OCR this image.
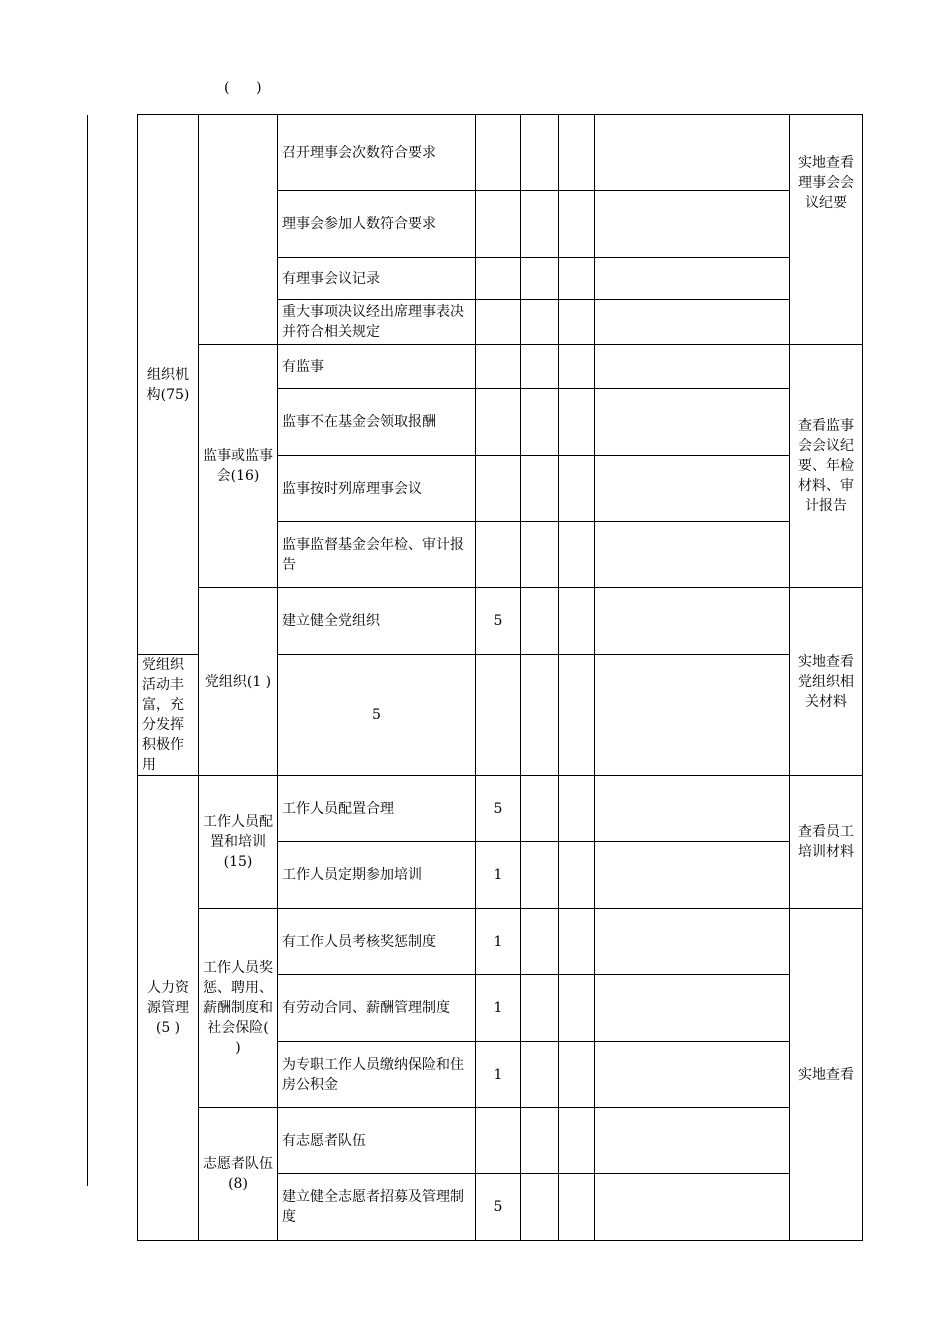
(      )
组织机构(75)		召开理事会次数符合要求					实地查看理事会会议纪要
		理事会参加人数符合要求					
		有理事会议记录					
		重大事项决议经出席理事表决并符合相关规定					
	监事或监事会(16)	有监事					查看监事会会议纪要、年检材料、审计报告
		监事不在基金会领取报酬					
		监事按时列席理事会议					
		监事监督基金会年检、审计报告					
	党组织(1 )	建立健全党组织	5				实地查看党组织相关材料
党组织活动丰富，充分发挥积极作用		5					
人力资源管理(5 )	工作人员配置和培训(15)	工作人员配置合理	5				查看员工培训材料
		工作人员定期参加培训	1				
	工作人员奖惩、聘用、薪酬制度和社会保险( )	有工作人员考核奖惩制度	1				实地查看
		有劳动合同、薪酬管理制度	1				
		为专职工作人员缴纳保险和住房公积金	1				
	志愿者队伍(8)	有志愿者队伍					
		建立健全志愿者招募及管理制度	5				
